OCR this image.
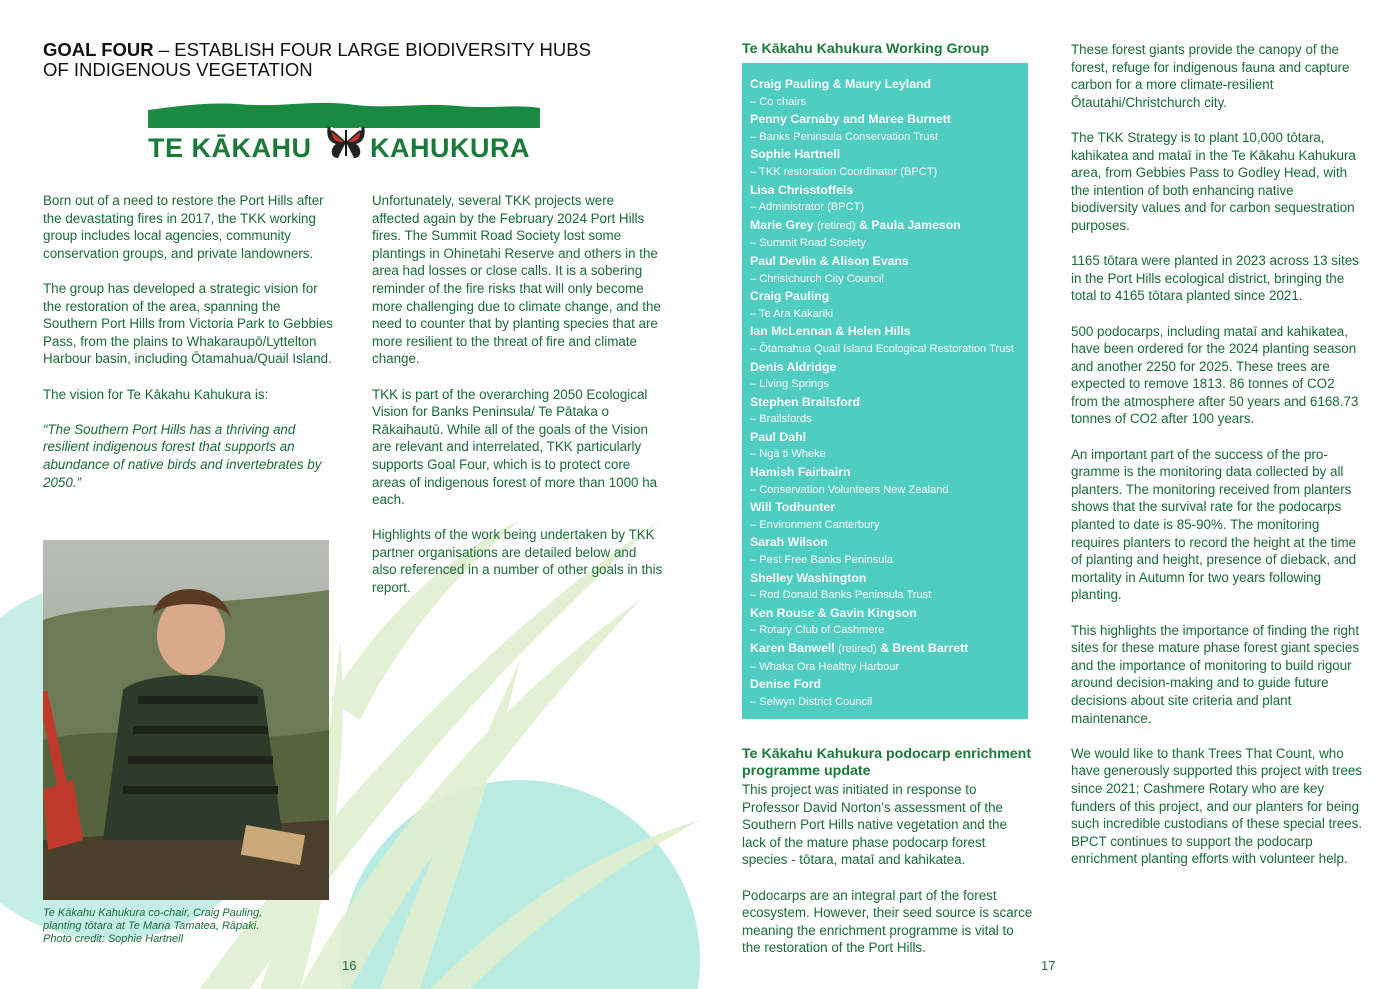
GOAL FOUR – ESTABLISH FOUR LARGE BIODIVERSITY HUBS OF INDIGENOUS VEGETATION
TE KĀKAHU KAHUKURA

Born out of a need to restore the Port Hills after the devastating fires in 2017, the TKK working group includes local agencies, community conservation groups, and private landowners.

The group has developed a strategic vision for the restoration of the area, spanning the Southern Port Hills from Victoria Park to Gebbies Pass, from the plains to Whakaraupō/Lyttelton Harbour basin, including Ōtamahua/Quail Island.

The vision for Te Kākahu Kahukura is:

“The Southern Port Hills has a thriving and resilient indigenous forest that supports an abundance of native birds and invertebrates by 2050.”

Unfortunately, several TKK projects were affected again by the February 2024 Port Hills fires. The Summit Road Society lost some plantings in Ohinetahi Reserve and others in the area had losses or close calls. It is a sobering reminder of the fire risks that will only become more challenging due to climate change, and the need to counter that by planting species that are more resilient to the threat of fire and climate change.

TKK is part of the overarching 2050 Ecological Vision for Banks Peninsula/ Te Pātaka o Rākaihautū. While all of the goals of the Vision are relevant and interrelated, TKK particularly supports Goal Four, which is to protect core areas of indigenous forest of more than 1000 ha each.

Highlights of the work being undertaken by TKK partner organisations are detailed below and also referenced in a number of other goals in this report.

Te Kākahu Kahukura co-chair, Craig Pauling,

planting tōtara at Te Mana Tamatea, Rāpaki.

Photo credit: Sophie Hartnell

16
Te Kākahu Kahukura Working Group
Craig Pauling & Maury Leyland
– Co chairs
Penny Carnaby and Maree Burnett
– Banks Peninsula Conservation Trust
Sophie Hartnell
– TKK restoration Coordinator (BPCT)
Lisa Chrisstoffels
– Administrator (BPCT)
Marie Grey (retired) & Paula Jameson
– Summit Road Society
Paul Devlin & Alison Evans
– Christchurch City Council
Craig Pauling
– Te Ara Kakariki
Ian McLennan & Helen Hills
– Ōtamahua Quail Island Ecological Restoration Trust
Denis Aldridge
– Living Springs
Stephen Brailsford
– Brailsfords
Paul Dahl
– Ngā ti Wheke
Hamish Fairbairn
– Conservation Volunteers New Zealand
Will Todhunter
– Environment Canterbury
Sarah Wilson
– Pest Free Banks Peninsula
Shelley Washington
– Rod Donald Banks Peninsula Trust
Ken Rouse & Gavin Kingson
– Rotary Club of Cashmere
Karen Banwell (retired) & Brent Barrett
– Whaka Ora Healthy Harbour
Denise Ford
– Selwyn District Council
Te Kākahu Kahukura podocarp enrichment programme update

This project was initiated in response to Professor David Norton’s assessment of the Southern Port Hills native vegetation and the lack of the mature phase podocarp forest species - tōtara, mataī and kahikatea.

Podocarps are an integral part of the forest ecosystem. However, their seed source is scarce meaning the enrichment programme is vital to the restoration of the Port Hills.

These forest giants provide the canopy of the forest, refuge for indigenous fauna and capture carbon for a more climate-resilient Ōtautahi/Christchurch city.

The TKK Strategy is to plant 10,000 tōtara, kahikatea and mataī in the Te Kākahu Kahukura area, from Gebbies Pass to Godley Head, with the intention of both enhancing native biodiversity values and for carbon sequestration purposes.

1165 tōtara were planted in 2023 across 13 sites in the Port Hills ecological district, bringing the total to 4165 tōtara planted since 2021.

500 podocarps, including mataī and kahikatea, have been ordered for the 2024 planting season and another 2250 for 2025. These trees are expected to remove 1813. 86 tonnes of CO2 from the atmosphere after 50 years and 6168.73 tonnes of CO2 after 100 years.

An important part of the success of the pro-gramme is the monitoring data collected by all planters. The monitoring received from planters shows that the survival rate for the podocarps planted to date is 85-90%. The monitoring requires planters to record the height at the time of planting and height, presence of dieback, and mortality in Autumn for two years following planting.

This highlights the importance of finding the right sites for these mature phase forest giant species and the importance of monitoring to build rigour around decision-making and to guide future decisions about site criteria and plant maintenance.

We would like to thank Trees That Count, who have generously supported this project with trees since 2021; Cashmere Rotary who are key funders of this project, and our planters for being such incredible custodians of these special trees. BPCT continues to support the podocarp enrichment planting efforts with volunteer help.

17
